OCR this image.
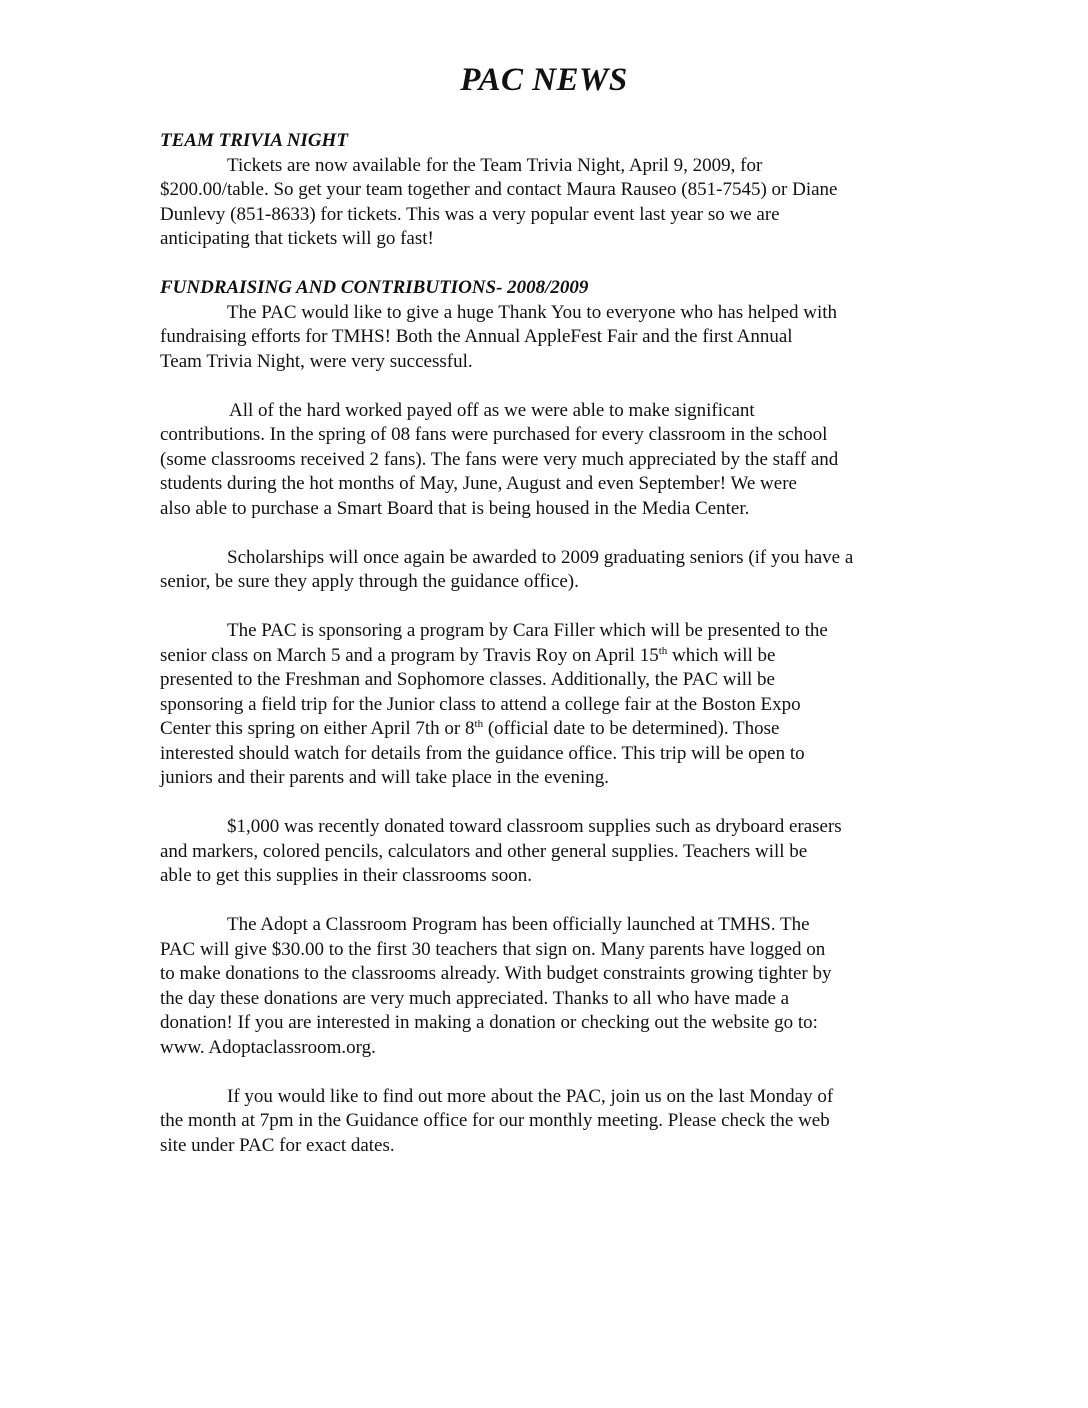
PAC NEWS

TEAM TRIVIA NIGHT

Tickets are now available for the Team Trivia Night, April 9, 2009, for

$200.00/table. So get your team together and contact Maura Rauseo (851-7545) or Diane

Dunlevy (851-8633) for tickets. This was a very popular event last year so we are

anticipating that tickets will go fast!

FUNDRAISING AND CONTRIBUTIONS- 2008/2009

The PAC would like to give a huge Thank You to everyone who has helped with

fundraising efforts for TMHS! Both the Annual AppleFest Fair and the first Annual

Team Trivia Night, were very successful.

All of the hard worked payed off as we were able to make significant

contributions. In the spring of 08 fans were purchased for every classroom in the school

(some classrooms received 2 fans). The fans were very much appreciated by the staff and

students during the hot months of May, June, August and even September! We were

also able to purchase a Smart Board that is being housed in the Media Center.

Scholarships will once again be awarded to 2009 graduating seniors (if you have a

senior, be sure they apply through the guidance office).

The PAC is sponsoring a program by Cara Filler which will be presented to the

senior class on March 5 and a program by Travis Roy on April 15th which will be

presented to the Freshman and Sophomore classes. Additionally, the PAC will be

sponsoring a field trip for the Junior class to attend a college fair at the Boston Expo

Center this spring on either April 7th or 8th (official date to be determined). Those

interested should watch for details from the guidance office. This trip will be open to

juniors and their parents and will take place in the evening.

$1,000 was recently donated toward classroom supplies such as dryboard erasers

and markers, colored pencils, calculators and other general supplies. Teachers will be

able to get this supplies in their classrooms soon.

The Adopt a Classroom Program has been officially launched at TMHS. The

PAC will give $30.00 to the first 30 teachers that sign on. Many parents have logged on

to make donations to the classrooms already. With budget constraints growing tighter by

the day these donations are very much appreciated. Thanks to all who have made a

donation! If you are interested in making a donation or checking out the website go to:

www. Adoptaclassroom.org.

If you would like to find out more about the PAC, join us on the last Monday of

the month at 7pm in the Guidance office for our monthly meeting. Please check the web

site under PAC for exact dates.
